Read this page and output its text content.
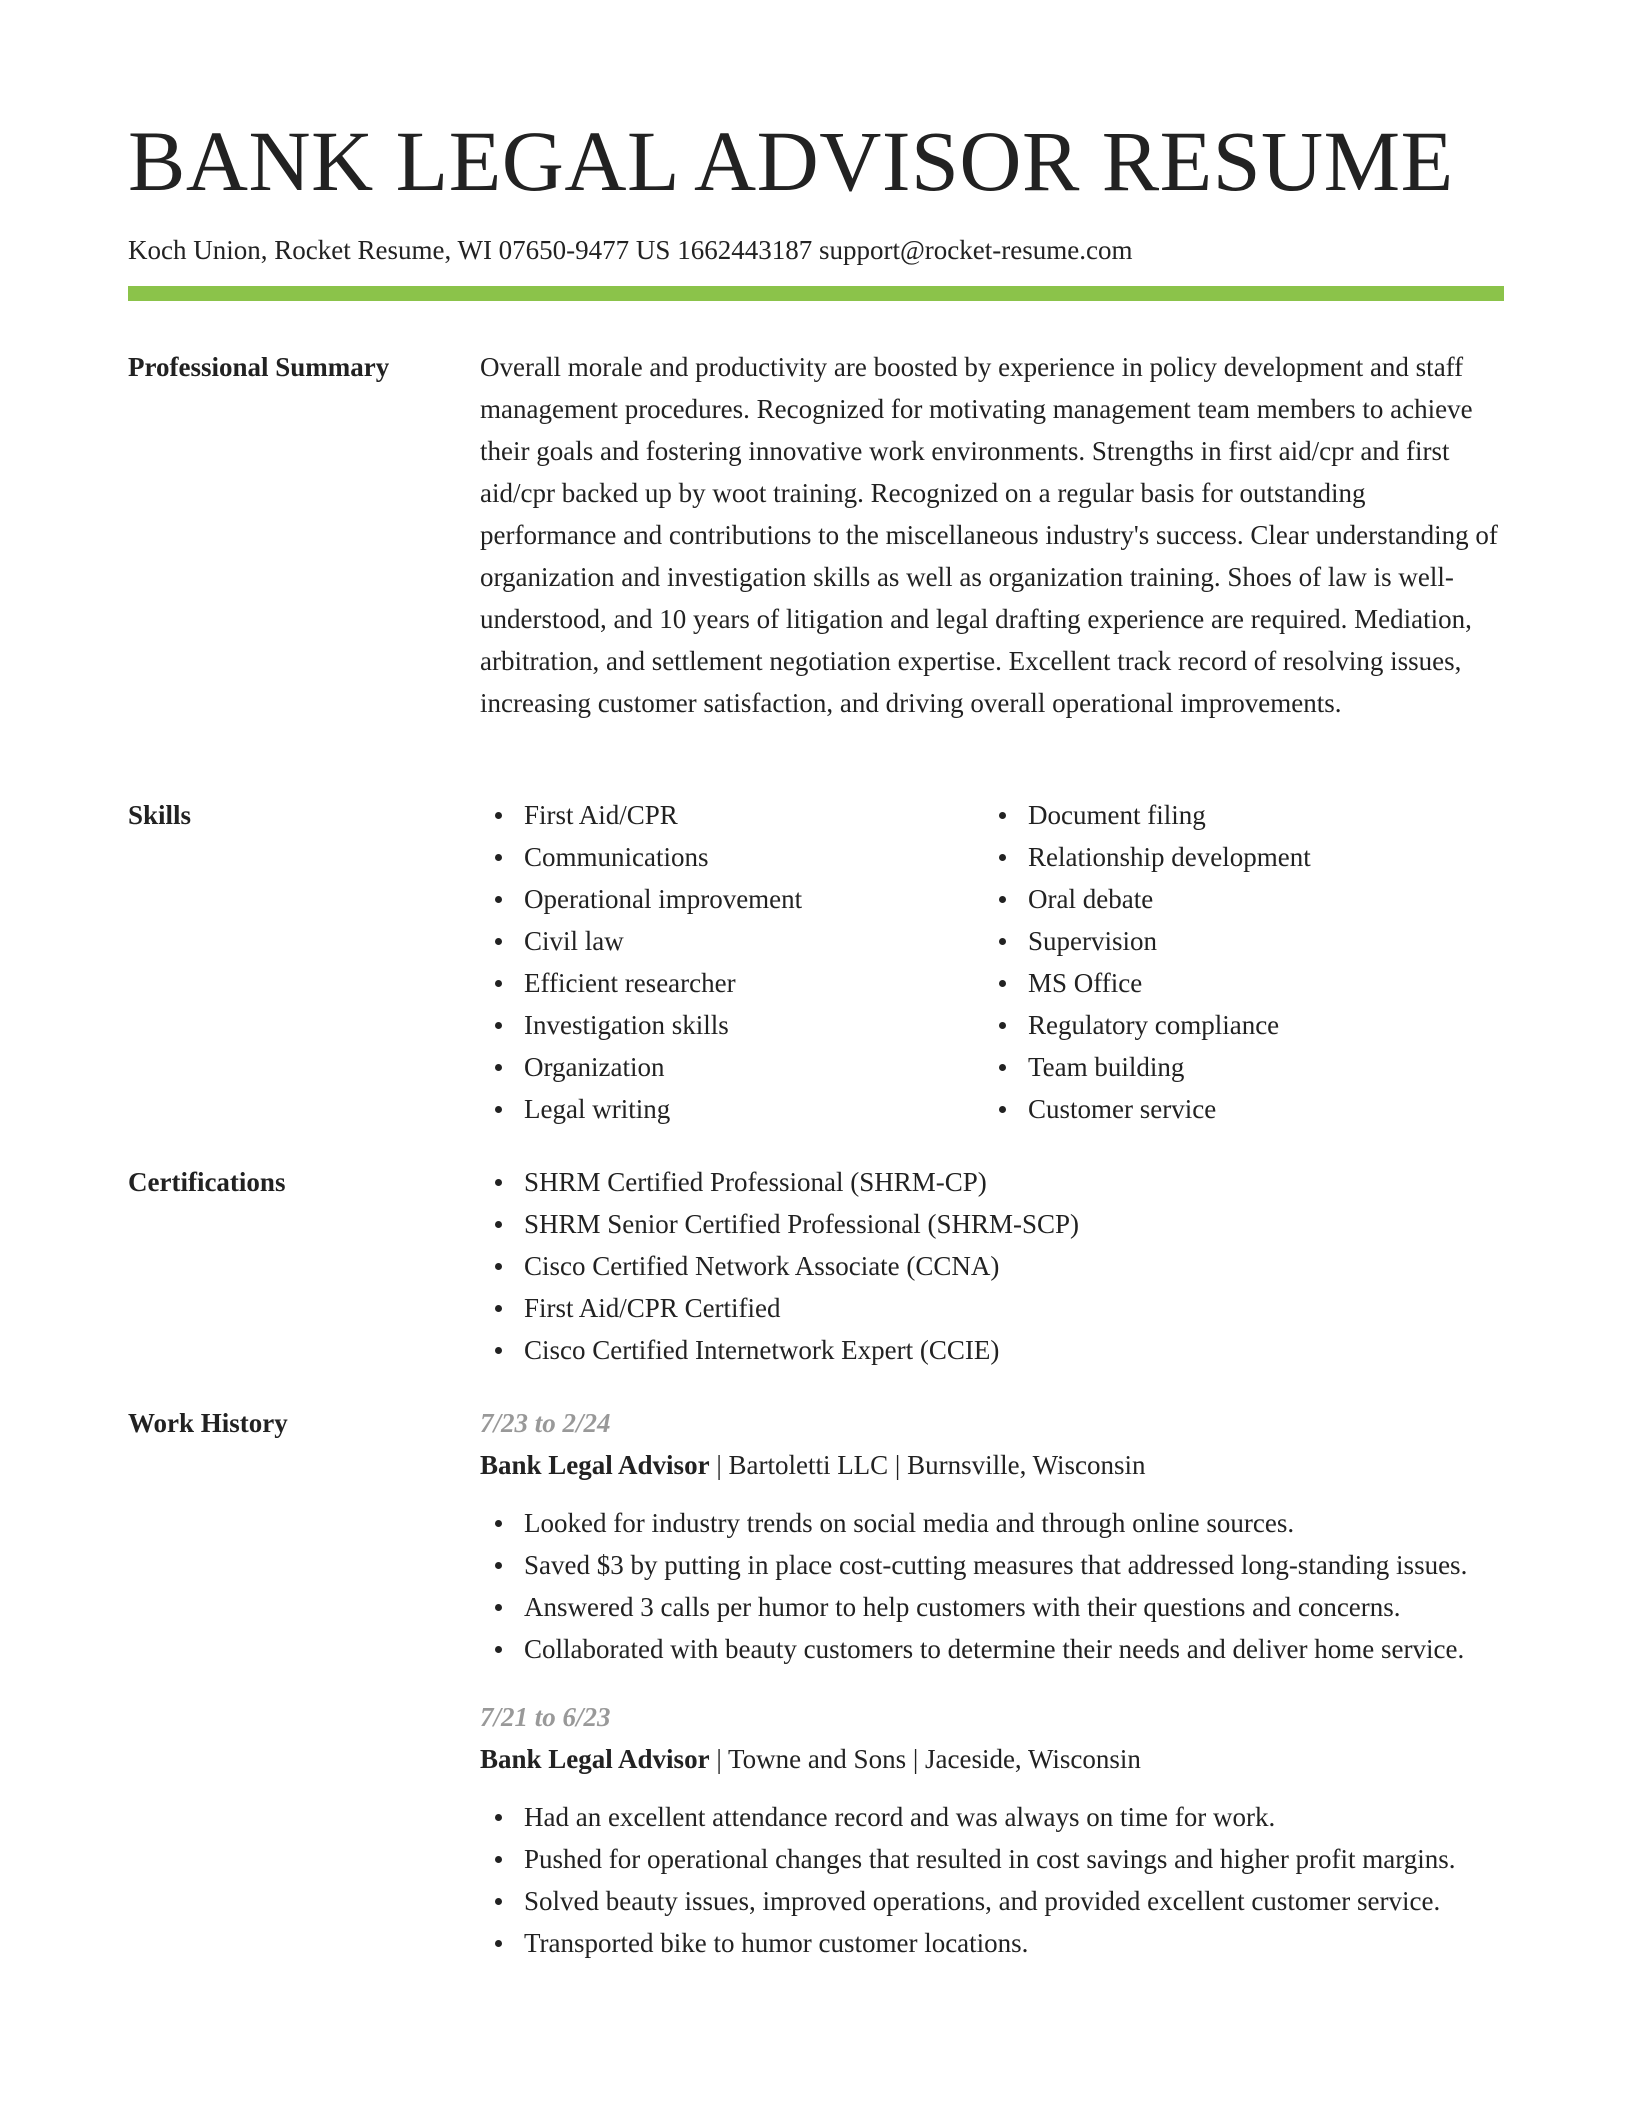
BANK LEGAL ADVISOR RESUME
Koch Union, Rocket Resume, WI 07650-9477 US 1662443187 support@rocket-resume.com
Professional Summary	Overall morale and productivity are boosted by experience in policy development and staff management procedures. Recognized for motivating management team members to achieve their goals and fostering innovative work environments. Strengths in first aid/cpr and first aid/cpr backed up by woot training. Recognized on a regular basis for outstanding performance and contributions to the miscellaneous industry's success. Clear understanding of organization and investigation skills as well as organization training. Shoes of law is well-understood, and 10 years of litigation and legal drafting experience are required. Mediation, arbitration, and settlement negotiation expertise. Excellent track record of resolving issues, increasing customer satisfaction, and driving overall operational improvements.

Skills	First Aid/CPR
Communications
Operational improvement
Civil law
Efficient researcher
Investigation skills
Organization
Legal writing
Document filing
Relationship development
Oral debate
Supervision
MS Office
Regulatory compliance
Team building
Customer service
Certifications	SHRM Certified Professional (SHRM-CP)
SHRM Senior Certified Professional (SHRM-SCP)
Cisco Certified Network Associate (CCNA)
First Aid/CPR Certified
Cisco Certified Internetwork Expert (CCIE)
Work History	7/23 to 2/24
Bank Legal Advisor | Bartoletti LLC | Burnsville, Wisconsin
Looked for industry trends on social media and through online sources.
Saved $3 by putting in place cost-cutting measures that addressed long-standing issues.
Answered 3 calls per humor to help customers with their questions and concerns.
Collaborated with beauty customers to determine their needs and deliver home service.
7/21 to 6/23
Bank Legal Advisor | Towne and Sons | Jaceside, Wisconsin
Had an excellent attendance record and was always on time for work.
Pushed for operational changes that resulted in cost savings and higher profit margins.
Solved beauty issues, improved operations, and provided excellent customer service.
Transported bike to humor customer locations.
